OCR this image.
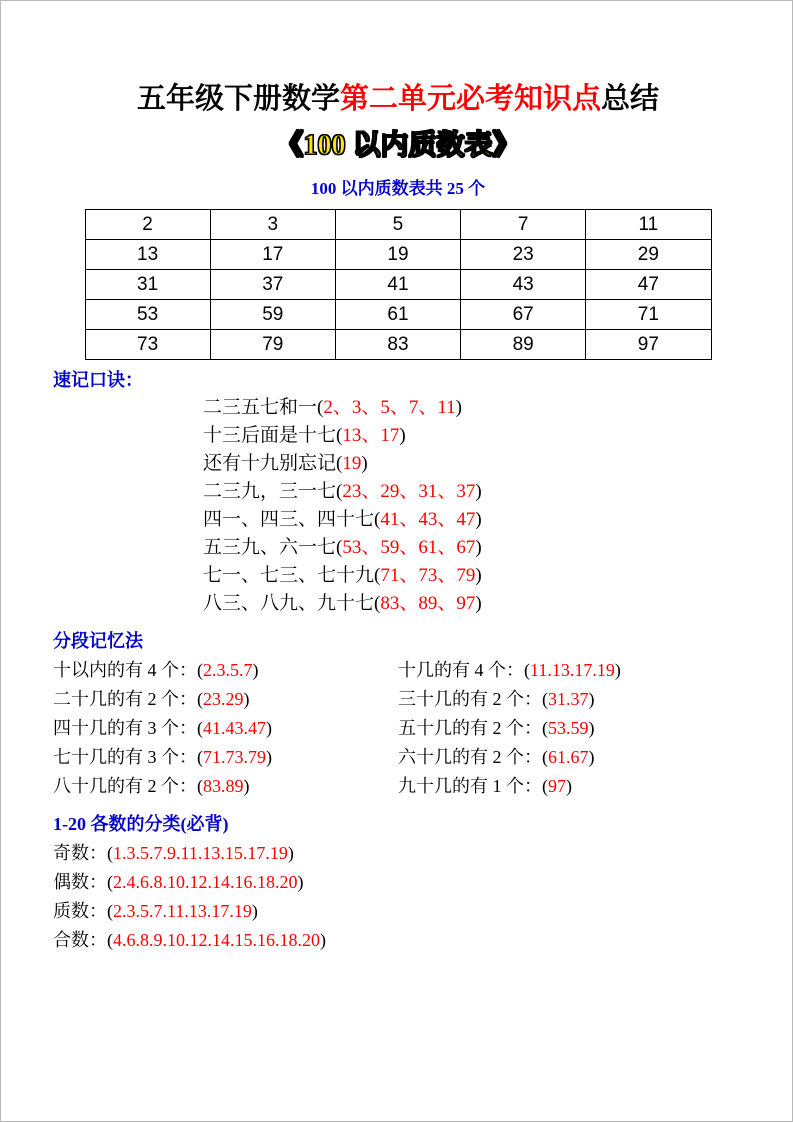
五年级下册数学第二单元必考知识点总结
《100 以内质数表》
100 以内质数表共 25 个
2	3	5	7	11
13	17	19	23	29
31	37	41	43	47
53	59	61	67	71
73	79	83	89	97
速记口诀：
二三五七和一(2、3、5、7、11)
十三后面是十七(13、17)
还有十九别忘记(19)
二三九，三一七(23、29、31、37)
四一、四三、四十七(41、43、47)
五三九、六一七(53、59、61、67)
七一、七三、七十九(71、73、79)
八三、八九、九十七(83、89、97)
分段记忆法
十以内的有 4 个：(2.3.5.7)	十几的有 4 个：(11.13.17.19)
二十几的有 2 个：(23.29)	三十几的有 2 个：(31.37)
四十几的有 3 个：(41.43.47)	五十几的有 2 个：(53.59)
七十几的有 3 个：(71.73.79)	六十几的有 2 个：(61.67)
八十几的有 2 个：(83.89)	九十几的有 1 个：(97)
1-20 各数的分类(必背)
奇数：(1.3.5.7.9.11.13.15.17.19)
偶数：(2.4.6.8.10.12.14.16.18.20)
质数：(2.3.5.7.11.13.17.19)
合数：(4.6.8.9.10.12.14.15.16.18.20)
